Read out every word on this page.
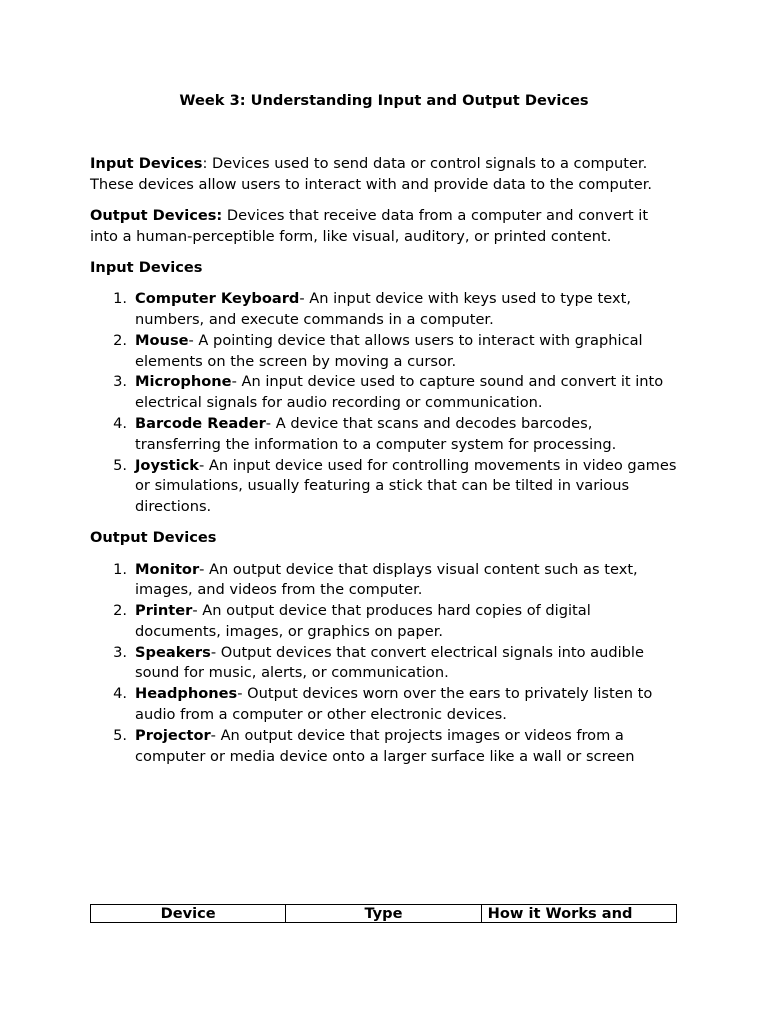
Week 3: Understanding Input and Output Devices

Input Devices: Devices used to send data or control signals to a computer. These devices allow users to interact with and provide data to the computer.

Output Devices: Devices that receive data from a computer and convert it into a human-perceptible form, like visual, auditory, or printed content.

Input Devices

1. Computer Keyboard- An input device with keys used to type text, numbers, and execute commands in a computer.
2. Mouse- A pointing device that allows users to interact with graphical elements on the screen by moving a cursor.
3. Microphone- An input device used to capture sound and convert it into electrical signals for audio recording or communication.
4. Barcode Reader- A device that scans and decodes barcodes, transferring the information to a computer system for processing.
5. Joystick- An input device used for controlling movements in video games or simulations, usually featuring a stick that can be tilted in various directions.

Output Devices

1. Monitor- An output device that displays visual content such as text, images, and videos from the computer.
2. Printer- An output device that produces hard copies of digital documents, images, or graphics on paper.
3. Speakers- Output devices that convert electrical signals into audible sound for music, alerts, or communication.
4. Headphones- Output devices worn over the ears to privately listen to audio from a computer or other electronic devices.
5. Projector- An output device that projects images or videos from a computer or media device onto a larger surface like a wall or screen
Device	Type	How it Works and
